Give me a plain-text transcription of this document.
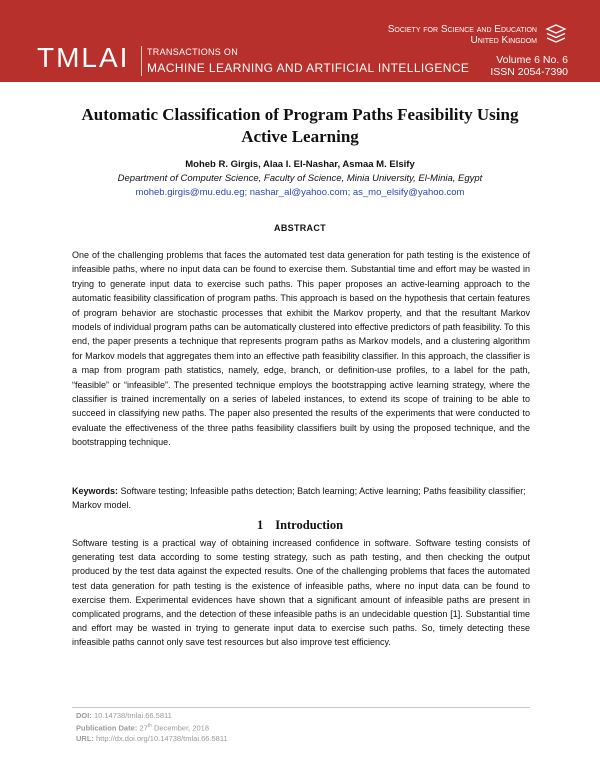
TMLAI TRANSACTIONS ON
MACHINE LEARNING AND ARTIFICIAL INTELLIGENCE
Society for Science and Education
United Kingdom
Volume 6 No. 6
ISSN 2054-7390
Automatic Classification of Program Paths Feasibility Using Active Learning
Moheb R. Girgis, Alaa I. El-Nashar, Asmaa M. Elsify
Department of Computer Science, Faculty of Science, Minia University, El-Minia, Egypt
moheb.girgis@mu.edu.eg; nashar_al@yahoo.com; as_mo_elsify@yahoo.com
ABSTRACT

One of the challenging problems that faces the automated test data generation for path testing is the existence of infeasible paths, where no input data can be found to exercise them. Substantial time and effort may be wasted in trying to generate input data to exercise such paths. This paper proposes an active-learning approach to the automatic feasibility classification of program paths. This approach is based on the hypothesis that certain features of program behavior are stochastic processes that exhibit the Markov property, and that the resultant Markov models of individual program paths can be automatically clustered into effective predictors of path feasibility. To this end, the paper presents a technique that represents program paths as Markov models, and a clustering algorithm for Markov models that aggregates them into an effective path feasibility classifier. In this approach, the classifier is a map from program path statistics, namely, edge, branch, or definition-use profiles, to a label for the path, “feasible” or “infeasible”. The presented technique employs the bootstrapping active learning strategy, where the classifier is trained incrementally on a series of labeled instances, to extend its scope of training to be able to succeed in classifying new paths. The paper also presented the results of the experiments that were conducted to evaluate the effectiveness of the three paths feasibility classifiers built by using the proposed technique, and the bootstrapping technique.

Keywords: Software testing; Infeasible paths detection; Batch learning; Active learning; Paths feasibility classifier; Markov model.

1 Introduction

Software testing is a practical way of obtaining increased confidence in software. Software testing consists of generating test data according to some testing strategy, such as path testing, and then checking the output produced by the test data against the expected results. One of the challenging problems that faces the automated test data generation for path testing is the existence of infeasible paths, where no input data can be found to exercise them. Experimental evidences have shown that a significant amount of infeasible paths are present in complicated programs, and the detection of these infeasible paths is an undecidable question [1]. Substantial time and effort may be wasted in trying to generate input data to exercise such paths. So, timely detecting these infeasible paths cannot only save test resources but also improve test efficiency.

DOI: 10.14738/tmlai.66.5811
Publication Date: 27th December, 2018
URL: http://dx.doi.org/10.14738/tmlai.66.5811
